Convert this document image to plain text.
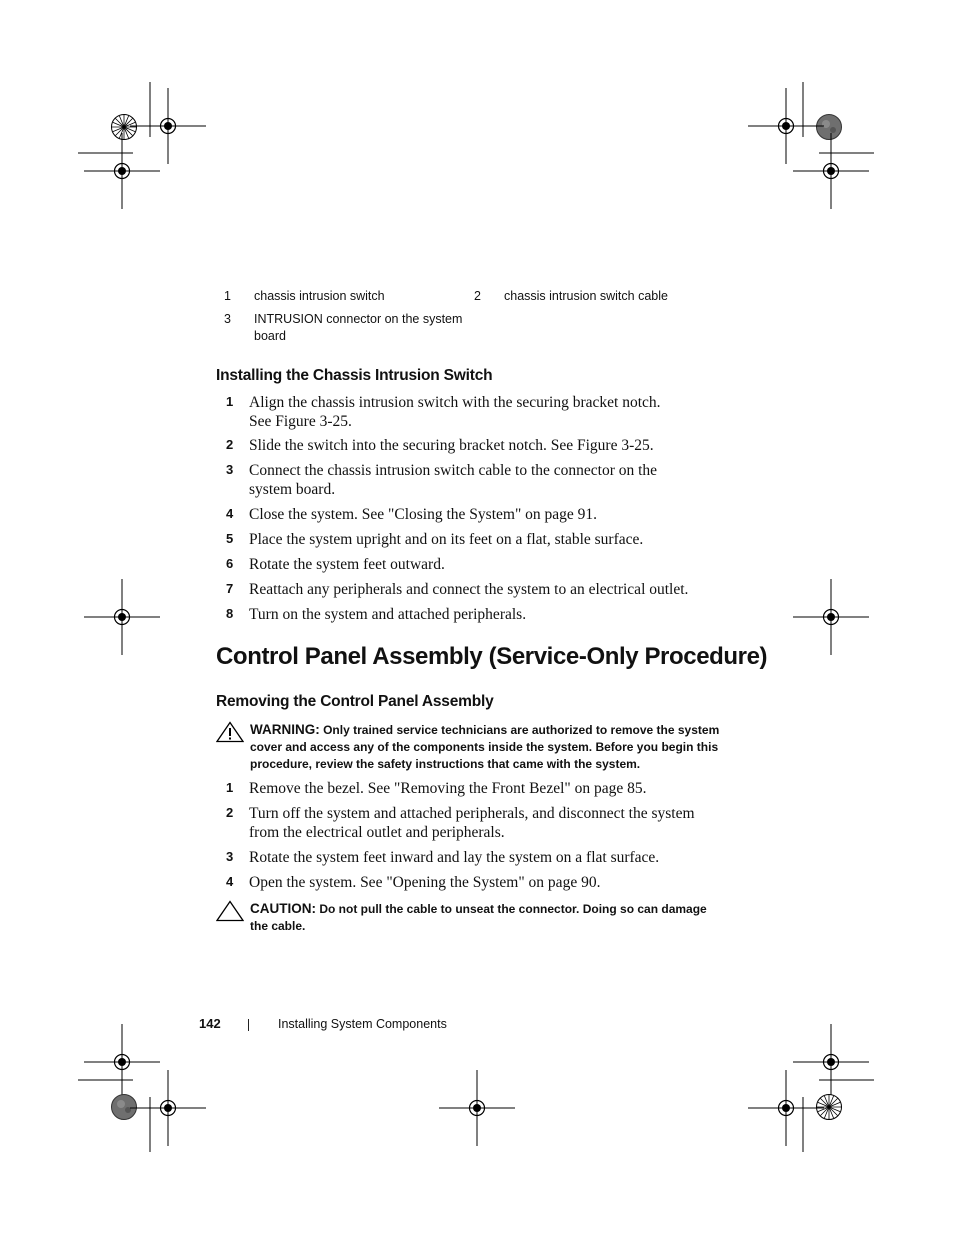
1 chassis intrusion switch	2 chassis intrusion switch cable
3 INTRUSION connector on the system board
Installing the Chassis Intrusion Switch
1 Align the chassis intrusion switch with the securing bracket notch. See Figure 3-25.
2 Slide the switch into the securing bracket notch. See Figure 3-25.
3 Connect the chassis intrusion switch cable to the connector on the system board.
4 Close the system. See "Closing the System" on page 91.
5 Place the system upright and on its feet on a flat, stable surface.
6 Rotate the system feet outward.
7 Reattach any peripherals and connect the system to an electrical outlet.
8 Turn on the system and attached peripherals.
Control Panel Assembly (Service-Only Procedure)
Removing the Control Panel Assembly
WARNING: Only trained service technicians are authorized to remove the system cover and access any of the components inside the system. Before you begin this procedure, review the safety instructions that came with the system.
1 Remove the bezel. See "Removing the Front Bezel" on page 85.
2 Turn off the system and attached peripherals, and disconnect the system from the electrical outlet and peripherals.
3 Rotate the system feet inward and lay the system on a flat surface.
4 Open the system. See "Opening the System" on page 90.
CAUTION: Do not pull the cable to unseat the connector. Doing so can damage the cable.
142	Installing System Components
